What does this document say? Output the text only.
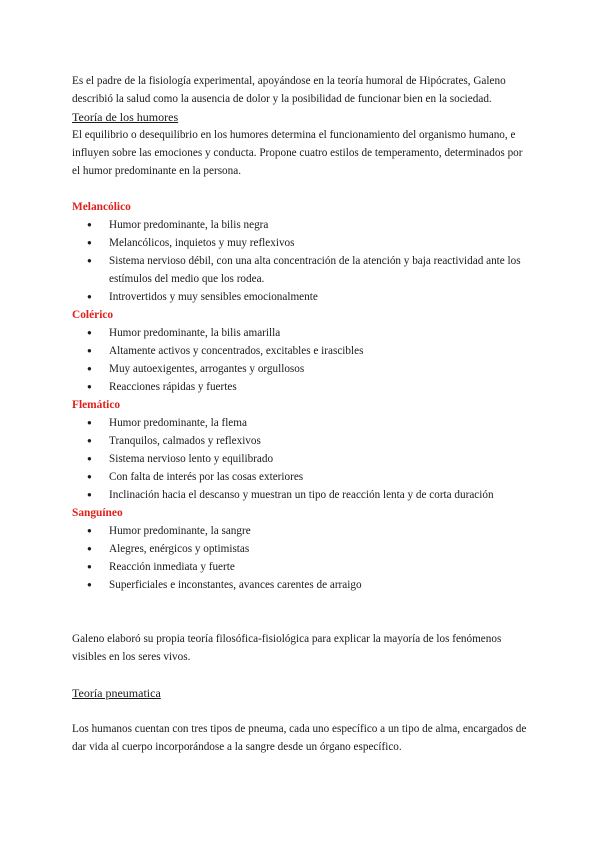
Es el padre de la fisiología experimental, apoyándose en la teoría humoral de Hipócrates, Galeno describió la salud como la ausencia de dolor y la posibilidad de funcionar bien en la sociedad.

Teoría de los humores

El equilibrio o desequilibrio en los humores determina el funcionamiento del organismo humano, e influyen sobre las emociones y conducta. Propone cuatro estilos de temperamento, determinados por el humor predominante en la persona.

Melancólico

● Humor predominante, la bilis negra
● Melancólicos, inquietos y muy reflexivos
● Sistema nervioso débil, con una alta concentración de la atención y baja reactividad ante los estímulos del medio que los rodea.
● Introvertidos y muy sensibles emocionalmente

Colérico

● Humor predominante, la bilis amarilla
● Altamente activos y concentrados, excitables e irascibles
● Muy autoexigentes, arrogantes y orgullosos
● Reacciones rápidas y fuertes

Flemático

● Humor predominante, la flema
● Tranquilos, calmados y reflexivos
● Sistema nervioso lento y equilibrado
● Con falta de interés por las cosas exteriores
● Inclinación hacia el descanso y muestran un tipo de reacción lenta y de corta duración

Sanguíneo

● Humor predominante, la sangre
● Alegres, enérgicos y optimistas
● Reacción inmediata y fuerte
● Superficiales e inconstantes, avances carentes de arraigo

Galeno elaboró su propia teoría filosófica-fisiológica para explicar la mayoría de los fenómenos visibles en los seres vivos.

Teoría pneumatica

Los humanos cuentan con tres tipos de pneuma, cada uno específico a un tipo de alma, encargados de dar vida al cuerpo incorporándose a la sangre desde un órgano específico.
